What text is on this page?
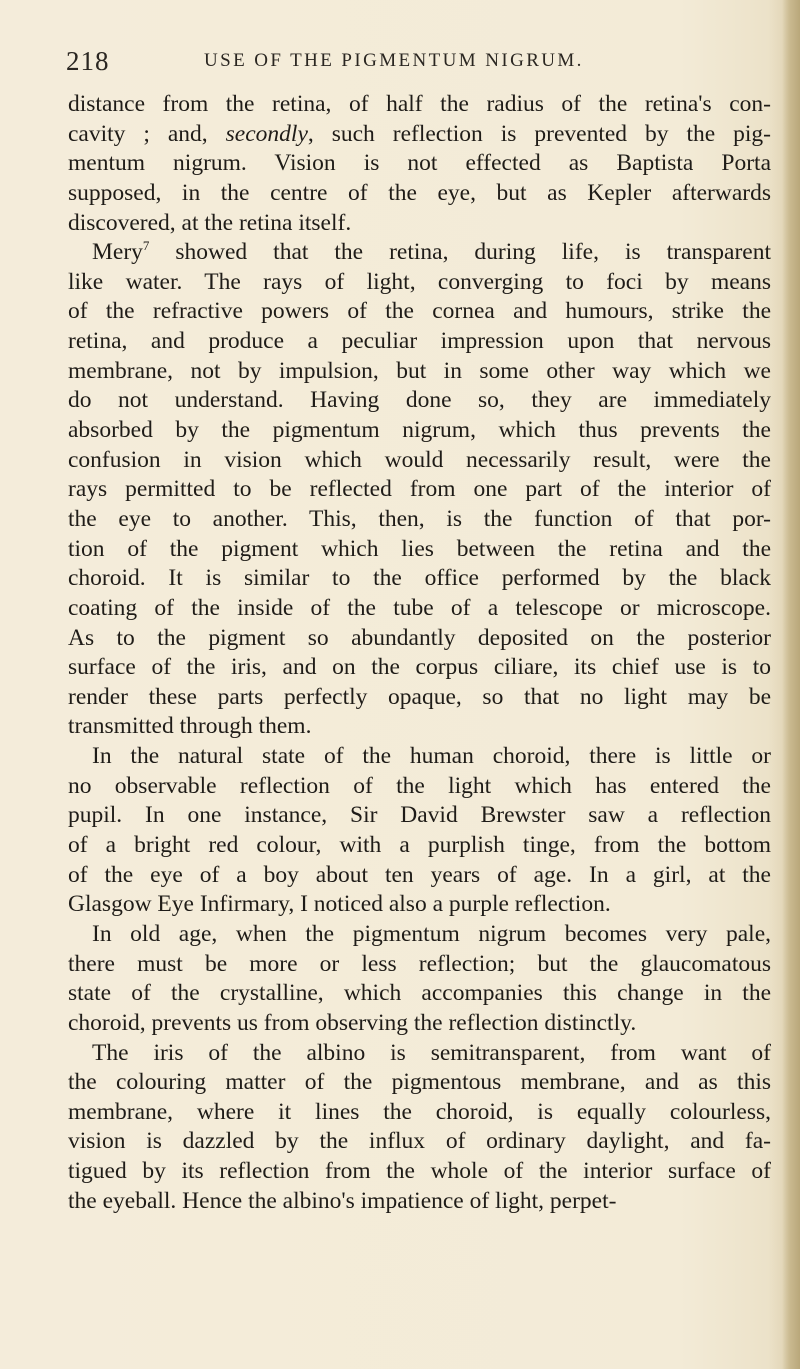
218	USE OF THE PIGMENTUM NIGRUM.
distance from the retina, of half the radius of the retina's con-
cavity ; and, secondly, such reflection is prevented by the pig-
mentum nigrum. Vision is not effected as Baptista Porta
supposed, in the centre of the eye, but as Kepler afterwards
discovered, at the retina itself.
Mery$^7$ showed that the retina, during life, is transparent
like water. The rays of light, converging to foci by means
of the refractive powers of the cornea and humours, strike the
retina, and produce a peculiar impression upon that nervous
membrane, not by impulsion, but in some other way which we
do not understand. Having done so, they are immediately
absorbed by the pigmentum nigrum, which thus prevents the
confusion in vision which would necessarily result, were the
rays permitted to be reflected from one part of the interior of
the eye to another. This, then, is the function of that por-
tion of the pigment which lies between the retina and the
choroid. It is similar to the office performed by the black
coating of the inside of the tube of a telescope or microscope.
As to the pigment so abundantly deposited on the posterior
surface of the iris, and on the corpus ciliare, its chief use is to
render these parts perfectly opaque, so that no light may be
transmitted through them.
In the natural state of the human choroid, there is little or
no observable reflection of the light which has entered the
pupil. In one instance, Sir David Brewster saw a reflection
of a bright red colour, with a purplish tinge, from the bottom
of the eye of a boy about ten years of age. In a girl, at the
Glasgow Eye Infirmary, I noticed also a purple reflection.
In old age, when the pigmentum nigrum becomes very pale,
there must be more or less reflection; but the glaucomatous
state of the crystalline, which accompanies this change in the
choroid, prevents us from observing the reflection distinctly.
The iris of the albino is semitransparent, from want of
the colouring matter of the pigmentous membrane, and as this
membrane, where it lines the choroid, is equally colourless,
vision is dazzled by the influx of ordinary daylight, and fa-
tigued by its reflection from the whole of the interior surface of
the eyeball. Hence the albino's impatience of light, perpet-
